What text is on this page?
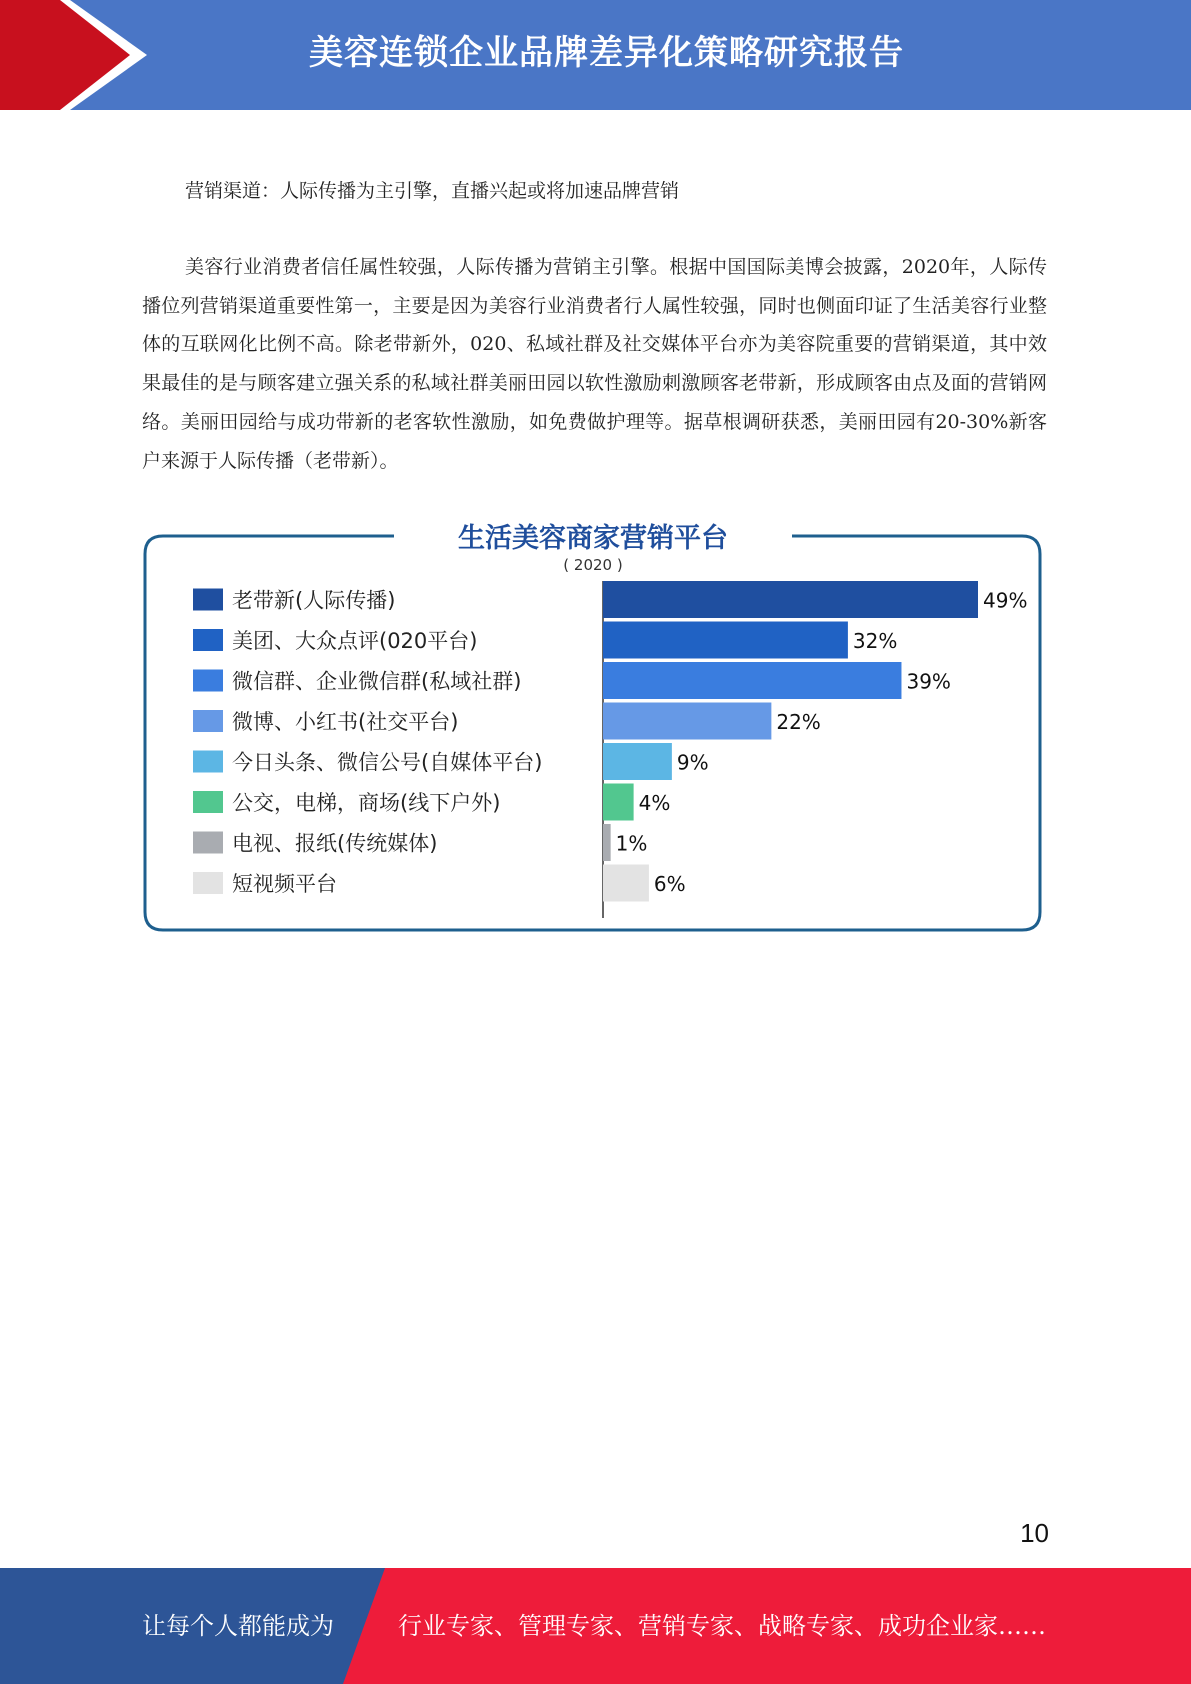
美容连锁企业品牌差异化策略研究报告
营销渠道：人际传播为主引擎，直播兴起或将加速品牌营销

美容行业消费者信任属性较强，人际传播为营销主引擎。根据中国国际美博会披露，2020年，人际传播位列营销渠道重要性第一，主要是因为美容行业消费者行人属性较强，同时也侧面印证了生活美容行业整体的互联网化比例不高。除老带新外，020、私域社群及社交媒体平台亦为美容院重要的营销渠道，其中效果最佳的是与顾客建立强关系的私域社群美丽田园以软性激励刺激顾客老带新，形成顾客由点及面的营销网络。美丽田园给与成功带新的老客软性激励，如免费做护理等。据草根调研获悉，美丽田园有20-30%新客户来源于人际传播（老带新）。

生活美容商家营销平台
( 2020 )
老带新(人际传播)
美团、大众点评(020平台)
微信群、企业微信群(私域社群)
微博、小红书(社交平台)
今日头条、微信公号(自媒体平台)
公交，电梯，商场(线下户外)
电视、报纸(传统媒体)
短视频平台
49%
32%
39%
22%
9%
4%
1%
6%
10
让每个人都能成为	行业专家、管理专家、营销专家、战略专家、成功企业家……
